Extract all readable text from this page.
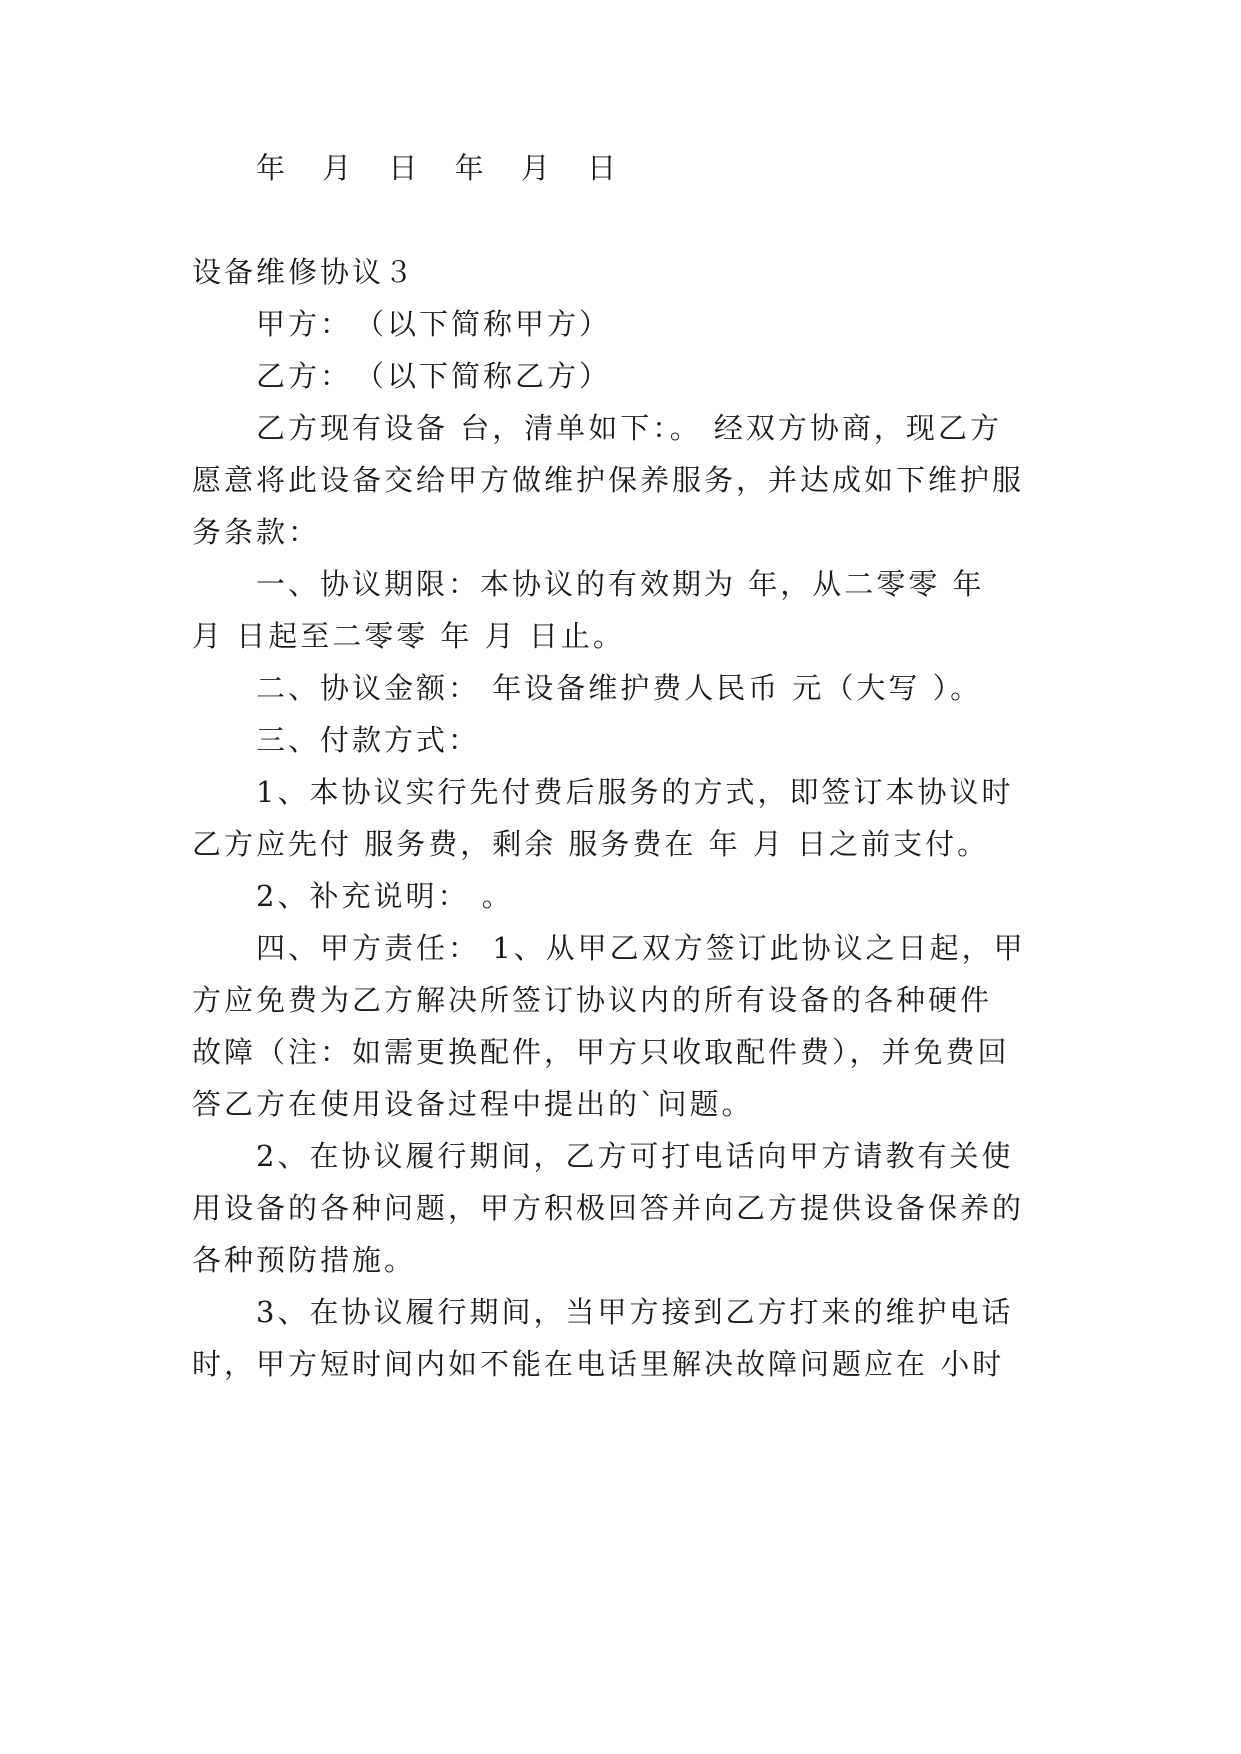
年 月 日 年 月 日
设备维修协议３
甲方：　（以下简称甲方）
乙方：　（以下简称乙方）
乙方现有设备 台，清单如下：。 经双方协商，现乙方
愿意将此设备交给甲方做维护保养服务，并达成如下维护服
务条款：
一、协议期限：本协议的有效期为 年，从二零零 年
月 日起至二零零 年 月 日止。
二、协议金额： 年设备维护费人民币 元（大写 ）。
三、付款方式：
1、本协议实行先付费后服务的方式，即签订本协议时
乙方应先付 服务费，剩余 服务费在 年 月 日之前支付。
2、补充说明： 。
四、甲方责任： 1、从甲乙双方签订此协议之日起，甲
方应免费为乙方解决所签订协议内的所有设备的各种硬件
故障（注：如需更换配件，甲方只收取配件费），并免费回
答乙方在使用设备过程中提出的`问题。
2、在协议履行期间，乙方可打电话向甲方请教有关使
用设备的各种问题，甲方积极回答并向乙方提供设备保养的
各种预防措施。
3、在协议履行期间，当甲方接到乙方打来的维护电话
时，甲方短时间内如不能在电话里解决故障问题应在 小时
